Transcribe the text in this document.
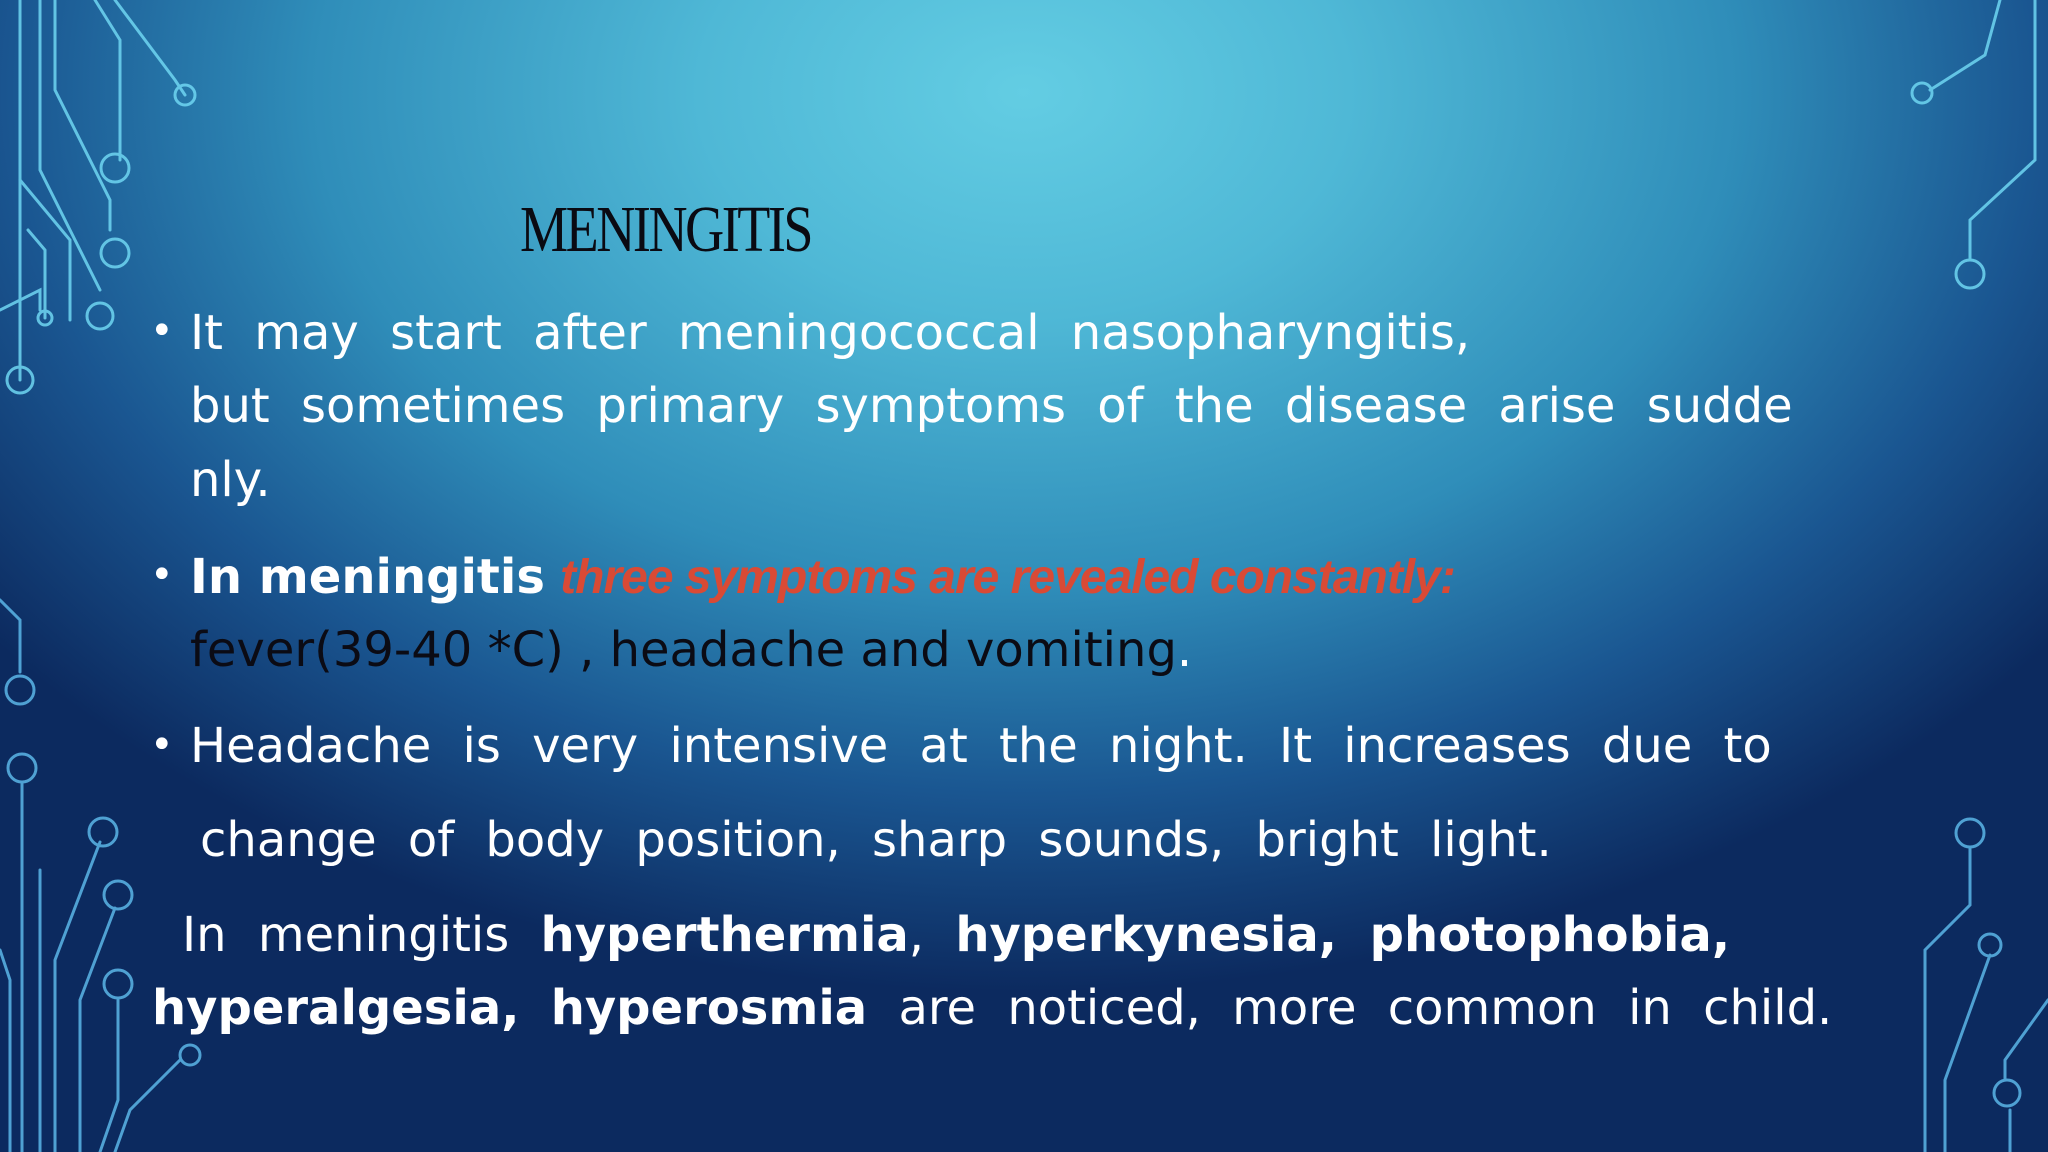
MENINGITIS
• It may start after meningococcal nasopharyngitis,
but sometimes primary symptoms of the disease arise sudde
nly.
• In meningitis three symptoms are revealed constantly:
fever(39-40 *C) , headache and vomiting.
• Headache is very intensive at the night. It increases due to
change of body position, sharp sounds, bright light.
In meningitis hyperthermia, hyperkynesia, photophobia,
hyperalgesia, hyperosmia are noticed, more common in child.
